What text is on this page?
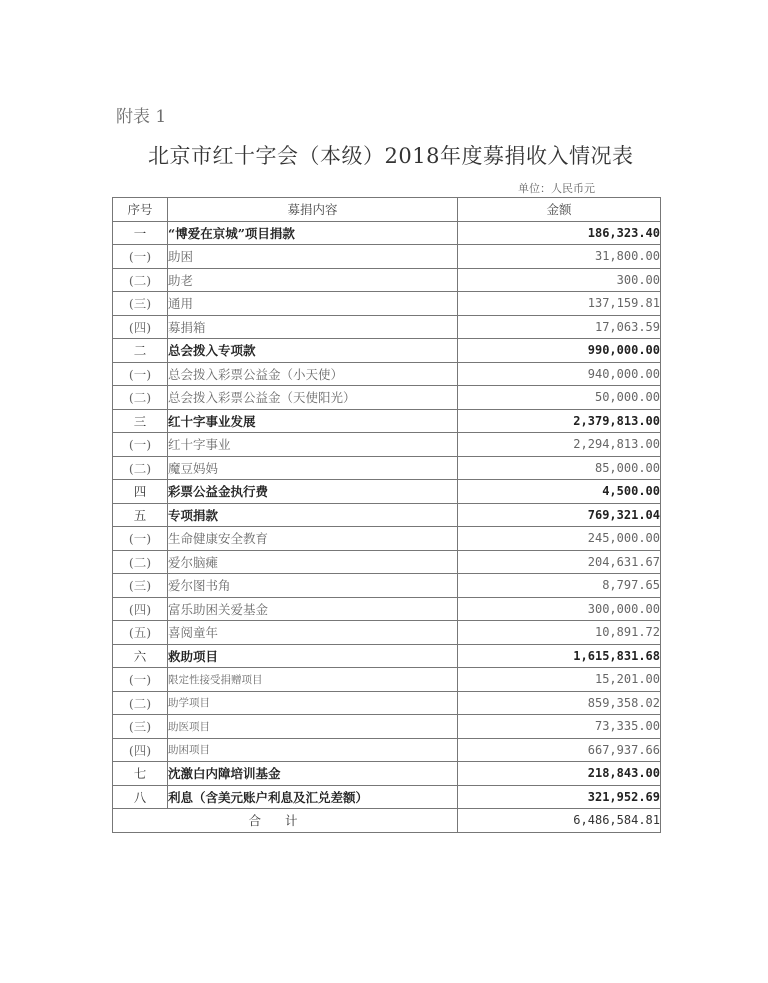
附表 1
北京市红十字会（本级）2018年度募捐收入情况表
单位：人民币元
序号	募捐内容	金额
一	“博爱在京城”项目捐款	186,323.40
(一)	助困	31,800.00
(二)	助老	300.00
(三)	通用	137,159.81
(四)	募捐箱	17,063.59
二	总会拨入专项款	990,000.00
(一)	总会拨入彩票公益金（小天使）	940,000.00
(二)	总会拨入彩票公益金（天使阳光）	50,000.00
三	红十字事业发展	2,379,813.00
(一)	红十字事业	2,294,813.00
(二)	魔豆妈妈	85,000.00
四	彩票公益金执行费	4,500.00
五	专项捐款	769,321.04
(一)	生命健康安全教育	245,000.00
(二)	爱尔脑瘫	204,631.67
(三)	爱尔图书角	8,797.65
(四)	富乐助困关爱基金	300,000.00
(五)	喜阅童年	10,891.72
六	救助项目	1,615,831.68
(一)	限定性接受捐赠项目	15,201.00
(二)	助学项目	859,358.02
(三)	助医项目	73,335.00
(四)	助困项目	667,937.66
七	沈激白内障培训基金	218,843.00
八	利息（含美元账户利息及汇兑差额）	321,952.69
合计		6,486,584.81
